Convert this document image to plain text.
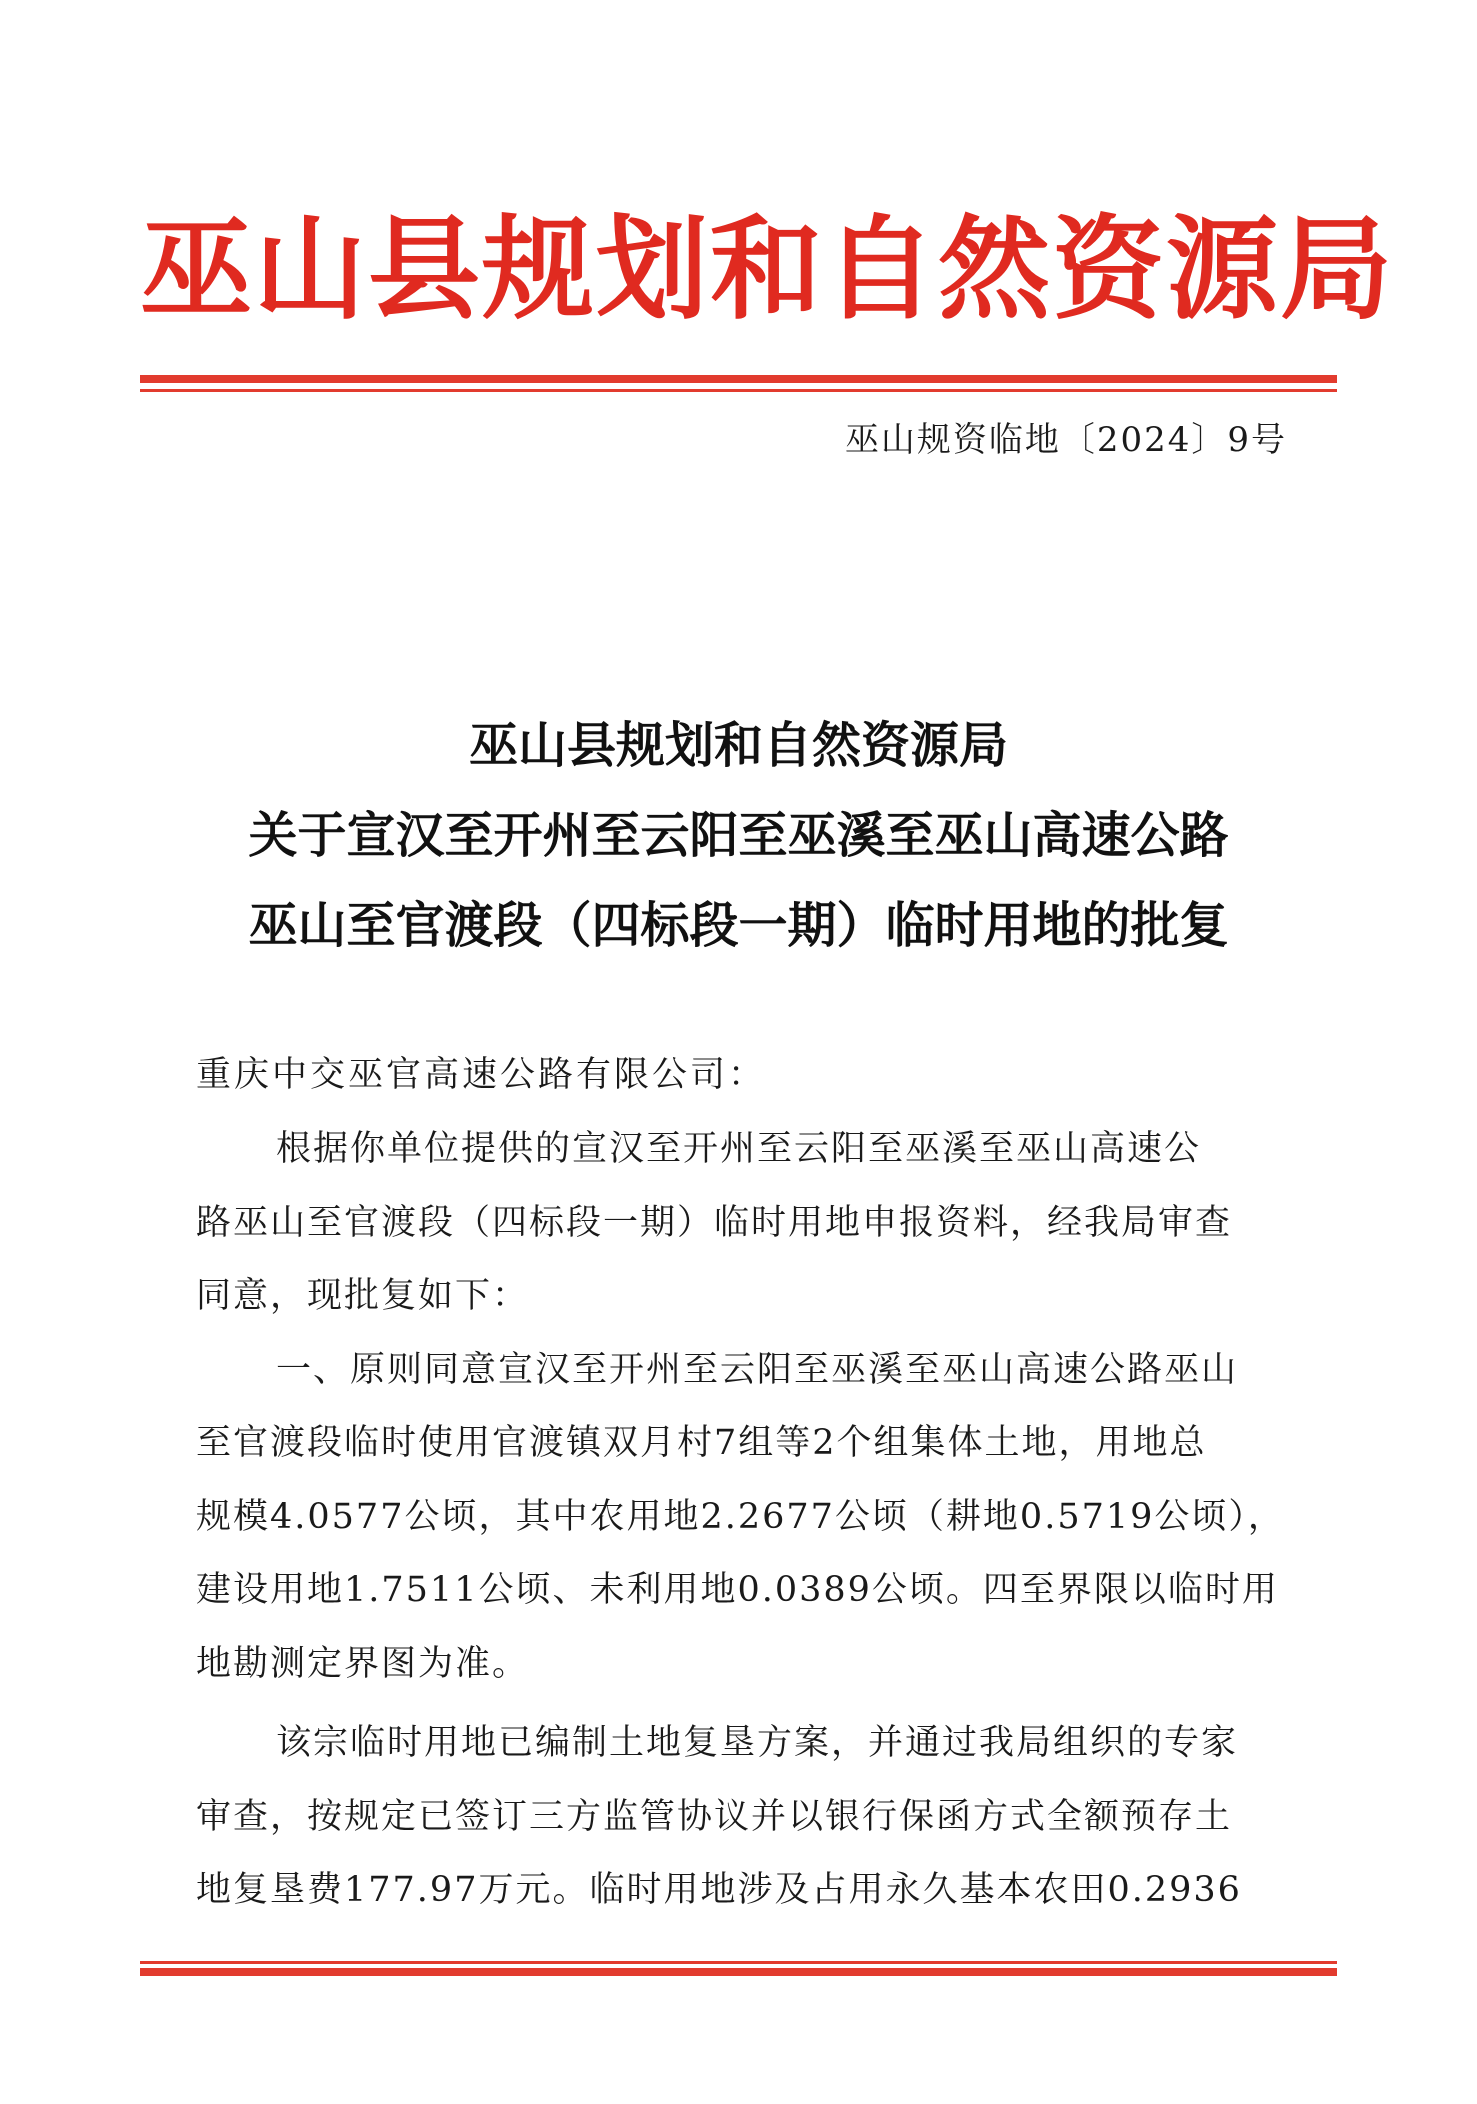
巫山县规划和自然资源局
巫山规资临地〔2024〕9号
巫山县规划和自然资源局
关于宣汉至开州至云阳至巫溪至巫山高速公路
巫山至官渡段（四标段一期）临时用地的批复
重庆中交巫官高速公路有限公司：
根据你单位提供的宣汉至开州至云阳至巫溪至巫山高速公
路巫山至官渡段（四标段一期）临时用地申报资料，经我局审查
同意，现批复如下：
一、原则同意宣汉至开州至云阳至巫溪至巫山高速公路巫山
至官渡段临时使用官渡镇双月村7组等2个组集体土地，用地总
规模4.0577公顷，其中农用地2.2677公顷（耕地0.5719公顷），
建设用地1.7511公顷、未利用地0.0389公顷。四至界限以临时用
地勘测定界图为准。
该宗临时用地已编制土地复垦方案，并通过我局组织的专家
审查，按规定已签订三方监管协议并以银行保函方式全额预存土
地复垦费177.97万元。临时用地涉及占用永久基本农田0.2936
